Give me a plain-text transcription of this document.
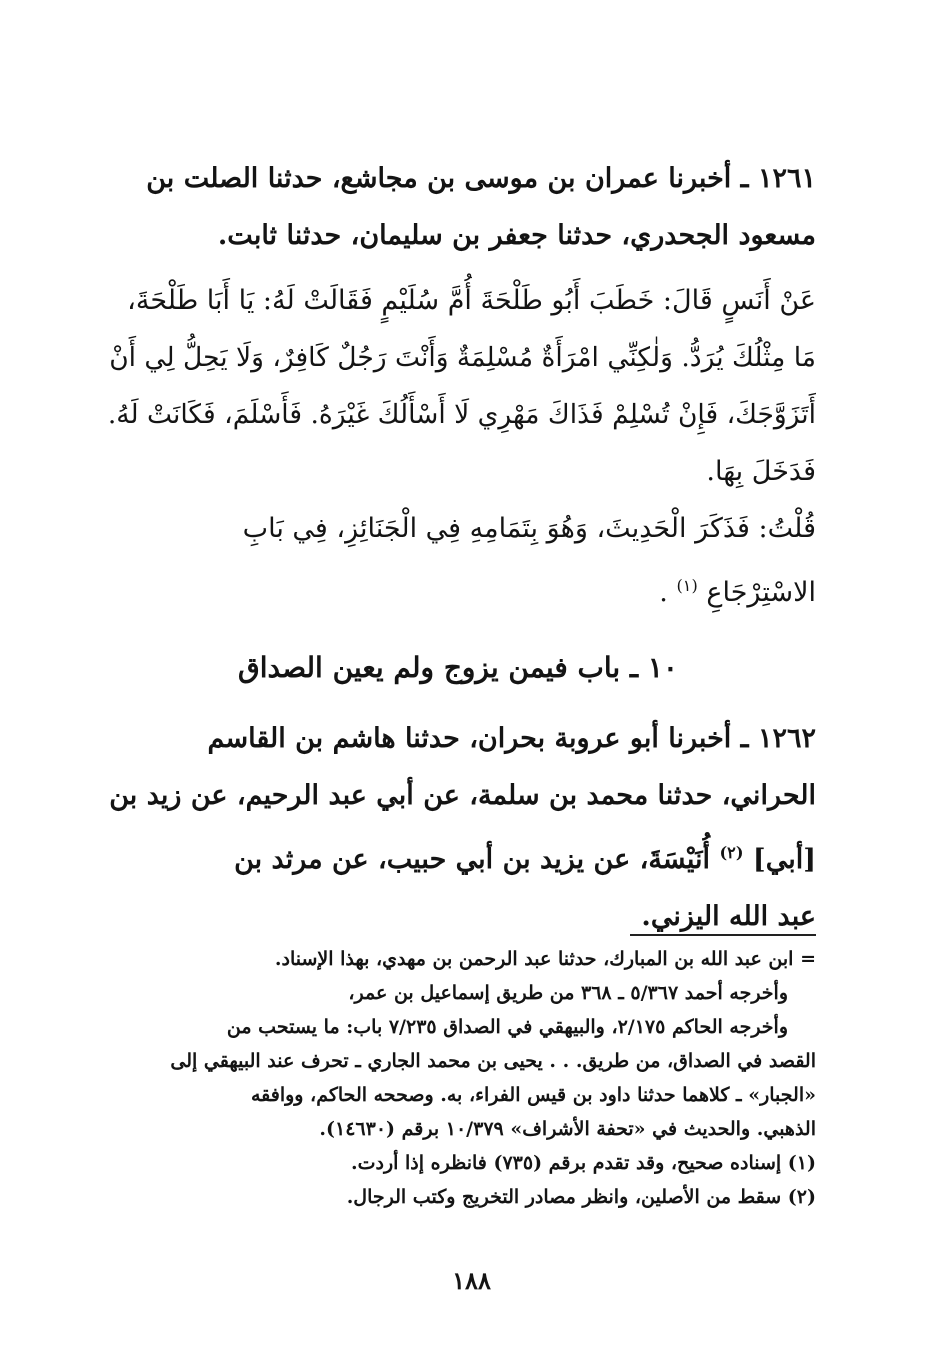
١٢٦١ ـ أخبرنا عمران بن موسى بن مجاشع، حدثنا الصلت بن
مسعود الجحدري، حدثنا جعفر بن سليمان، حدثنا ثابت.
عَنْ أَنَسٍ قَالَ: خَطَبَ أَبُو طَلْحَةَ أُمَّ سُلَيْمٍ فَقَالَتْ لَهُ: يَا أَبَا طَلْحَةَ،
مَا مِثْلُكَ يُرَدُّ. وَلٰكِنِّي امْرَأَةٌ مُسْلِمَةٌ وَأَنْتَ رَجُلٌ كَافِرٌ، وَلَا يَحِلُّ لِي أَنْ
أَتَزَوَّجَكَ، فَإِنْ تُسْلِمْ فَذَاكَ مَهْرِي لَا أَسْأَلُكَ غَيْرَهُ. فَأَسْلَمَ، فَكَانَتْ لَهُ.
فَدَخَلَ بِهَا.
قُلْتُ: فَذَكَرَ الْحَدِيثَ، وَهُوَ بِتَمَامِهِ فِي الْجَنَائِزِ، فِي بَابِ
الاسْتِرْجَاعِ $^{(١)}$ .
١٠ ـ باب فيمن يزوج ولم يعين الصداق
١٢٦٢ ـ أخبرنا أبو عروبة بحران، حدثنا هاشم بن القاسم
الحراني، حدثنا محمد بن سلمة، عن أبي عبد الرحيم، عن زيد بن
[أبي] $^{(٢)}$ أُنَيْسَةَ، عن يزيد بن أبي حبيب، عن مرثد بن
عبد الله اليزني.
= ابن عبد الله بن المبارك، حدثنا عبد الرحمن بن مهدي، بهذا الإسناد.
وأخرجه أحمد ٥/٣٦٧ ـ ٣٦٨ من طريق إسماعيل بن عمر،
وأخرجه الحاكم ٢/١٧٥، والبيهقي في الصداق ٧/٢٣٥ باب: ما يستحب من
القصد في الصداق، من طريق. . . يحيى بن محمد الجاري ـ تحرف عند البيهقي إلى
«الجبار» ـ كلاهما حدثنا داود بن قيس الفراء، به. وصححه الحاكم، ووافقه
الذهبي. والحديث في «تحفة الأشراف» ١٠/٣٧٩ برقم (١٤٦٣٠).
(١) إسناده صحيح، وقد تقدم برقم (٧٣٥) فانظره إذا أردت.
(٢) سقط من الأصلين، وانظر مصادر التخريج وكتب الرجال.
١٨٨
